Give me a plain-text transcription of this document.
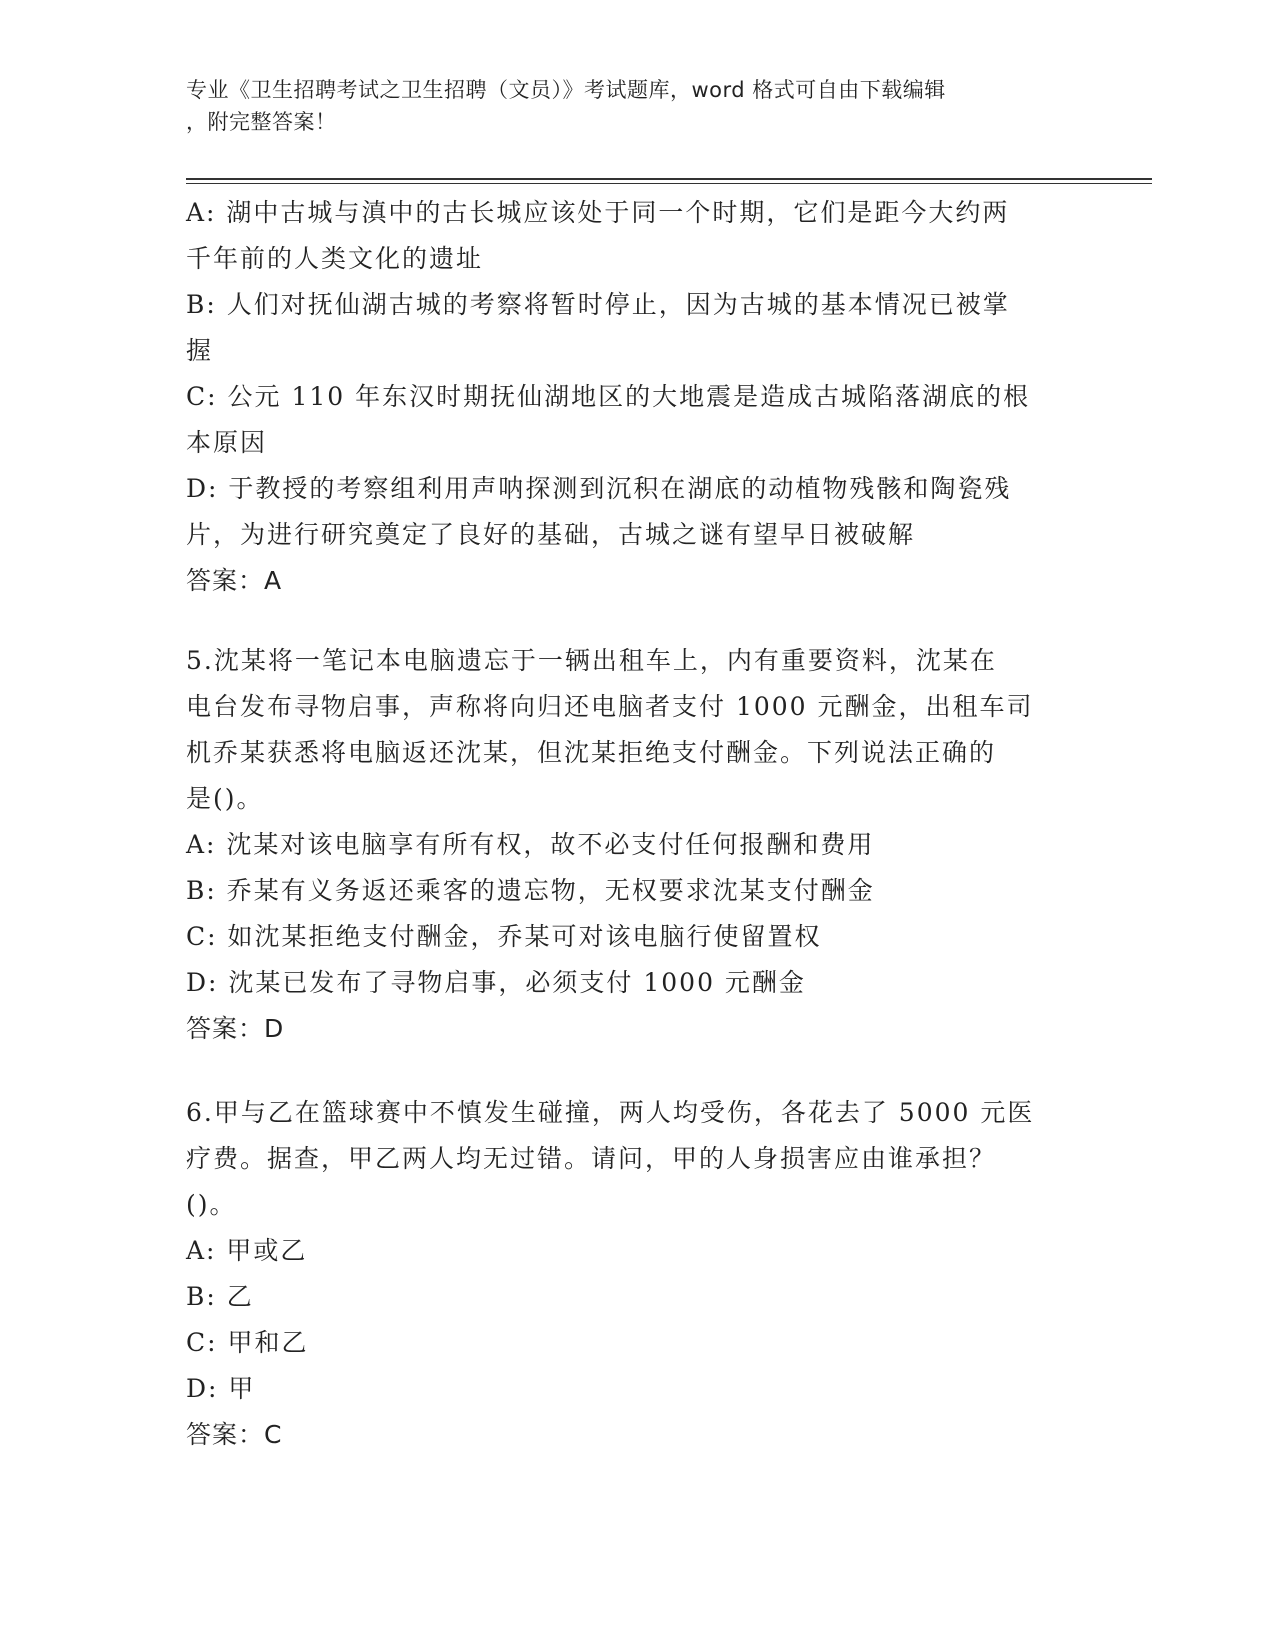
专业《卫生招聘考试之卫生招聘（文员）》考试题库，word 格式可自由下载编辑
，附完整答案！

A: 湖中古城与滇中的古长城应该处于同一个时期，它们是距今大约两

千年前的人类文化的遗址

B: 人们对抚仙湖古城的考察将暂时停止，因为古城的基本情况已被掌

握

C: 公元 110 年东汉时期抚仙湖地区的大地震是造成古城陷落湖底的根

本原因

D: 于教授的考察组利用声呐探测到沉积在湖底的动植物残骸和陶瓷残

片，为进行研究奠定了良好的基础，古城之谜有望早日被破解

答案：A

5.沈某将一笔记本电脑遗忘于一辆出租车上，内有重要资料，沈某在

电台发布寻物启事，声称将向归还电脑者支付 1000 元酬金，出租车司

机乔某获悉将电脑返还沈某，但沈某拒绝支付酬金。下列说法正确的

是()。

A: 沈某对该电脑享有所有权，故不必支付任何报酬和费用

B: 乔某有义务返还乘客的遗忘物，无权要求沈某支付酬金

C: 如沈某拒绝支付酬金，乔某可对该电脑行使留置权

D: 沈某已发布了寻物启事，必须支付 1000 元酬金

答案：D

6.甲与乙在篮球赛中不慎发生碰撞，两人均受伤，各花去了 5000 元医

疗费。据查，甲乙两人均无过错。请问，甲的人身损害应由谁承担？

()。

A: 甲或乙

B: 乙

C: 甲和乙

D: 甲

答案：C
